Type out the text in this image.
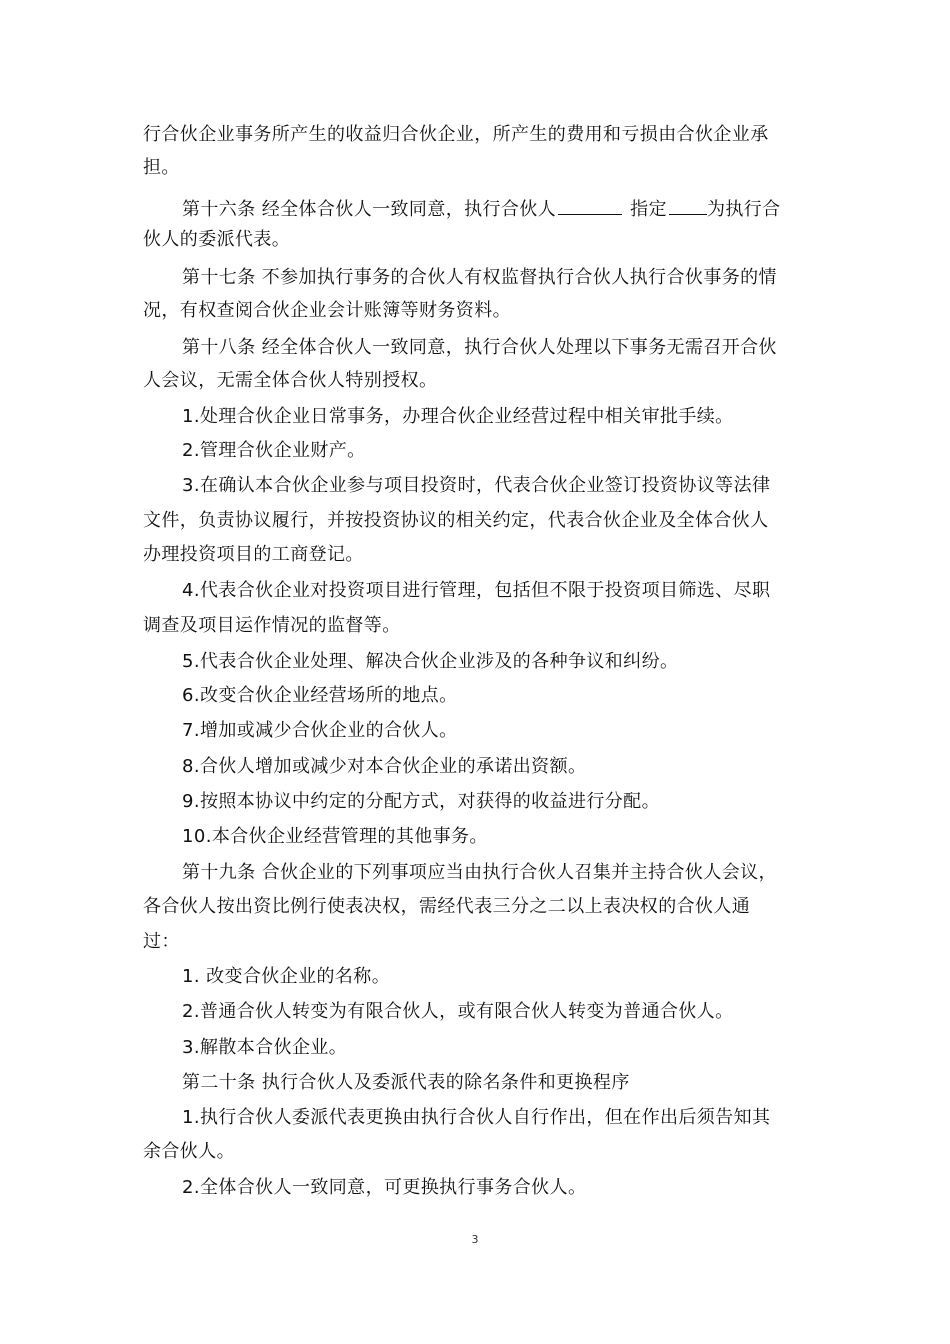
行合伙企业事务所产生的收益归合伙企业，所产生的费用和亏损由合伙企业承
担。
第十六条 经全体合伙人一致同意，执行合伙人	指定 为执行合
伙人的委派代表。
第十七条 不参加执行事务的合伙人有权监督执行合伙人执行合伙事务的情
况，有权查阅合伙企业会计账簿等财务资料。
第十八条 经全体合伙人一致同意，执行合伙人处理以下事务无需召开合伙
人会议，无需全体合伙人特别授权。
1.处理合伙企业日常事务，办理合伙企业经营过程中相关审批手续。
2.管理合伙企业财产。
3.在确认本合伙企业参与项目投资时，代表合伙企业签订投资协议等法律
文件，负责协议履行，并按投资协议的相关约定，代表合伙企业及全体合伙人
办理投资项目的工商登记。
4.代表合伙企业对投资项目进行管理，包括但不限于投资项目筛选、尽职
调查及项目运作情况的监督等。
5.代表合伙企业处理、解决合伙企业涉及的各种争议和纠纷。
6.改变合伙企业经营场所的地点。
7.增加或减少合伙企业的合伙人。
8.合伙人增加或减少对本合伙企业的承诺出资额。
9.按照本协议中约定的分配方式，对获得的收益进行分配。
10.本合伙企业经营管理的其他事务。
第十九条 合伙企业的下列事项应当由执行合伙人召集并主持合伙人会议，
各合伙人按出资比例行使表决权，需经代表三分之二以上表决权的合伙人通
过：
1. 改变合伙企业的名称。
2.普通合伙人转变为有限合伙人，或有限合伙人转变为普通合伙人。
3.解散本合伙企业。
第二十条 执行合伙人及委派代表的除名条件和更换程序
1.执行合伙人委派代表更换由执行合伙人自行作出，但在作出后须告知其
余合伙人。
2.全体合伙人一致同意，可更换执行事务合伙人。
3
